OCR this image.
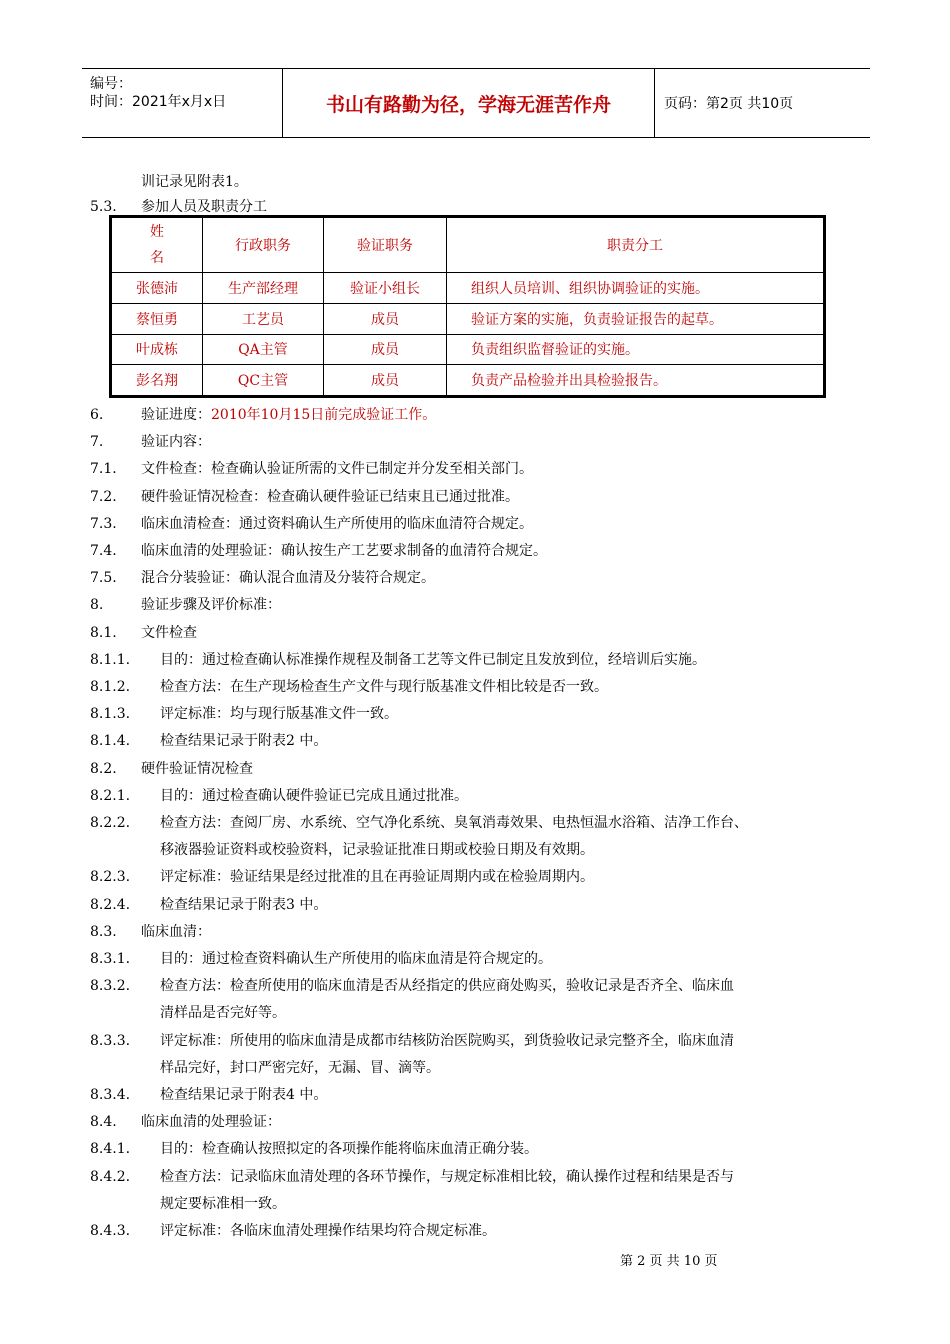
编号：
时间：2021年x月x日	书山有路勤为径，学海无涯苦作舟	页码：第2页 共10页
训记录见附表1。
5.3. 参加人员及职责分工
姓名	行政职务	验证职务	职责分工
张德沛	生产部经理	验证小组长	组织人员培训、组织协调验证的实施。
蔡恒勇	工艺员	成员	验证方案的实施，负责验证报告的起草。
叶成栋	QA主管	成员	负责组织监督验证的实施。
彭名翔	QC主管	成员	负责产品检验并出具检验报告。
6.	验证进度：2010年10月15日前完成验证工作。
7.	验证内容：
7.1. 文件检查：检查确认验证所需的文件已制定并分发至相关部门。
7.2. 硬件验证情况检查：检查确认硬件验证已结束且已通过批准。
7.3. 临床血清检查：通过资料确认生产所使用的临床血清符合规定。
7.4. 临床血清的处理验证：确认按生产工艺要求制备的血清符合规定。
7.5. 混合分装验证：确认混合血清及分装符合规定。
8.	验证步骤及评价标准：
8.1. 文件检查
8.1.1. 目的：通过检查确认标准操作规程及制备工艺等文件已制定且发放到位，经培训后实施。
8.1.2. 检查方法：在生产现场检查生产文件与现行版基准文件相比较是否一致。
8.1.3. 评定标准：均与现行版基准文件一致。
8.1.4. 检查结果记录于附表2 中。
8.2. 硬件验证情况检查
8.2.1. 目的：通过检查确认硬件验证已完成且通过批准。
8.2.2. 检查方法：查阅厂房、水系统、空气净化系统、臭氧消毒效果、电热恒温水浴箱、洁净工作台、
移液器验证资料或校验资料，记录验证批准日期或校验日期及有效期。
8.2.3. 评定标准：验证结果是经过批准的且在再验证周期内或在检验周期内。
8.2.4. 检查结果记录于附表3 中。
8.3. 临床血清：
8.3.1. 目的：通过检查资料确认生产所使用的临床血清是符合规定的。
8.3.2. 检查方法：检查所使用的临床血清是否从经指定的供应商处购买，验收记录是否齐全、临床血
清样品是否完好等。
8.3.3. 评定标准：所使用的临床血清是成都市结核防治医院购买，到货验收记录完整齐全，临床血清
样品完好，封口严密完好，无漏、冒、滴等。
8.3.4. 检查结果记录于附表4 中。
8.4. 临床血清的处理验证：
8.4.1. 目的：检查确认按照拟定的各项操作能将临床血清正确分装。
8.4.2. 检查方法：记录临床血清处理的各环节操作，与规定标准相比较，确认操作过程和结果是否与
规定要标准相一致。
8.4.3. 评定标准：各临床血清处理操作结果均符合规定标准。
第 2 页 共 10 页
